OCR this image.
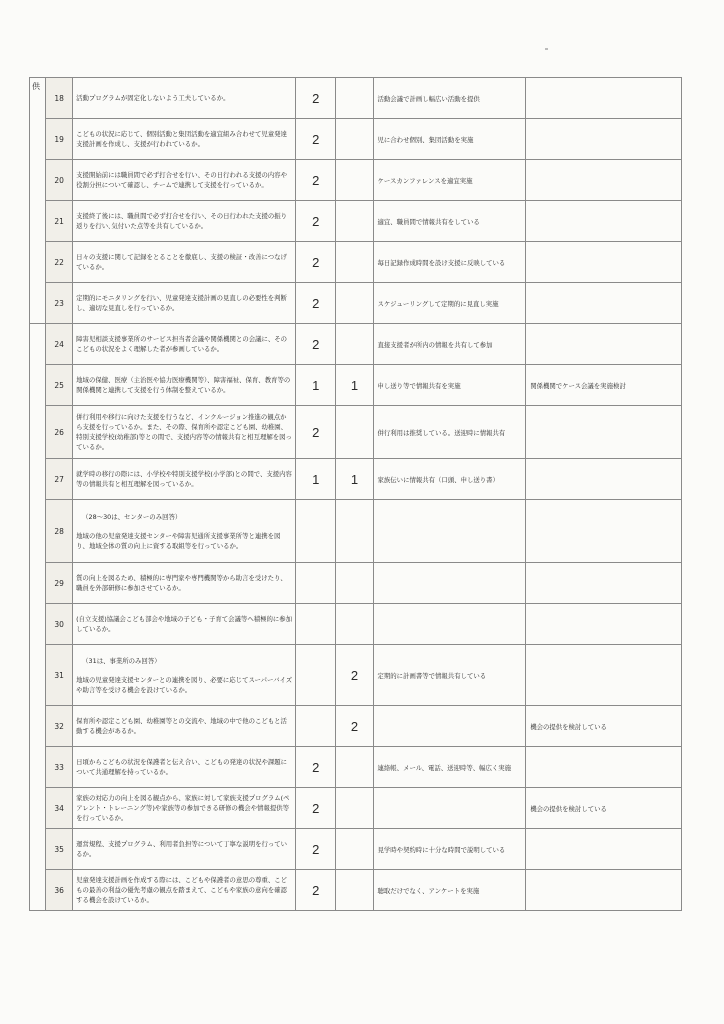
供	18	活動プログラムが固定化しないよう工夫しているか。	2		活動会議で計画し幅広い活動を提供	
	19	こどもの状況に応じて、個別活動と集団活動を適宜組み合わせて児童発達支援計画を作成し、支援が行われているか。	2		児に合わせ個別、集団活動を実施	
	20	支援開始前には職員間で必ず打合せを行い、その日行われる支援の内容や役割分担について確認し、チームで連携して支援を行っているか。	2		ケースカンファレンスを適宜実施	
	21	支援終了後には、職員間で必ず打合せを行い、その日行われた支援の振り返りを行い､気付いた点等を共有しているか。	2		適宜、職員間で情報共有をしている	
	22	日々の支援に関して記録をとることを徹底し、支援の検証・改善につなげているか。	2		毎日記録作成時間を設け支援に反映している	
	23	定期的にモニタリングを行い、児童発達支援計画の見直しの必要性を判断し、適切な見直しを行っているか。	2		スケジューリングして定期的に見直し実施	
	24	障害児相談支援事業所のサービス担当者会議や関係機関との会議に、そのこどもの状況をよく理解した者が参画しているか。	2		直接支援者が所内の情報を共有して参加	
	25	地域の保健、医療（主治医や協力医療機関等）、障害福祉、保育、教育等の関係機関と連携して支援を行う体制を整えているか。	1	1	申し送り等で情報共有を実施	関係機関でケース会議を実施検討
	26	併行利用や移行に向けた支援を行うなど、インクルージョン推進の観点から支援を行っているか。また、その際、保育所や認定こども園、幼稚園、特別支援学校(幼稚部)等との間で、支援内容等の情報共有と相互理解を図っているか。	2		併行利用は推奨している。送迎時に情報共有	
	27	就学時の移行の際には、小学校や特別支援学校(小学部)との間で、支援内容等の情報共有と相互理解を図っているか。	1	1	家族伝いに情報共有（口頭、申し送り書）	
	28	（28～30は、センターのみ回答）
地域の他の児童発達支援センターや障害児通所支援事業所等と連携を図り、地域全体の質の向上に資する取組等を行っているか。				
	29	質の向上を図るため、積極的に専門家や専門機関等から助言を受けたり、職員を外部研修に参加させているか。				
	30	(自立支援)協議会こども部会や地域の子ども・子育て会議等へ積極的に参加しているか。				
	31	（31は、事業所のみ回答）
地域の児童発達支援センターとの連携を図り、必要に応じてスーパーバイズや助言等を受ける機会を設けているか。		2	定期的に計画書等で情報共有している	
	32	保育所や認定こども園、幼稚園等との交流や、地域の中で他のこどもと活動する機会があるか。		2		機会の提供を検討している
	33	日頃からこどもの状況を保護者と伝え合い、こどもの発達の状況や課題について共通理解を持っているか。	2		連絡帳、メール、電話、送迎時等、幅広く実施	
	34	家族の対応力の向上を図る観点から、家族に対して家族支援プログラム(ペアレント・トレーニング等)や家族等の参加できる研修の機会や情報提供等を行っているか。	2			機会の提供を検討している
	35	運営規程、支援プログラム、利用者負担等について丁寧な説明を行っているか。	2		見学時や契約時に十分な時間で説明している	
	36	児童発達支援計画を作成する際には、こどもや保護者の意思の尊重、こどもの最善の利益の優先考慮の観点を踏まえて、こどもや家族の意向を確認する機会を設けているか。	2		聴取だけでなく、アンケートを実施	
